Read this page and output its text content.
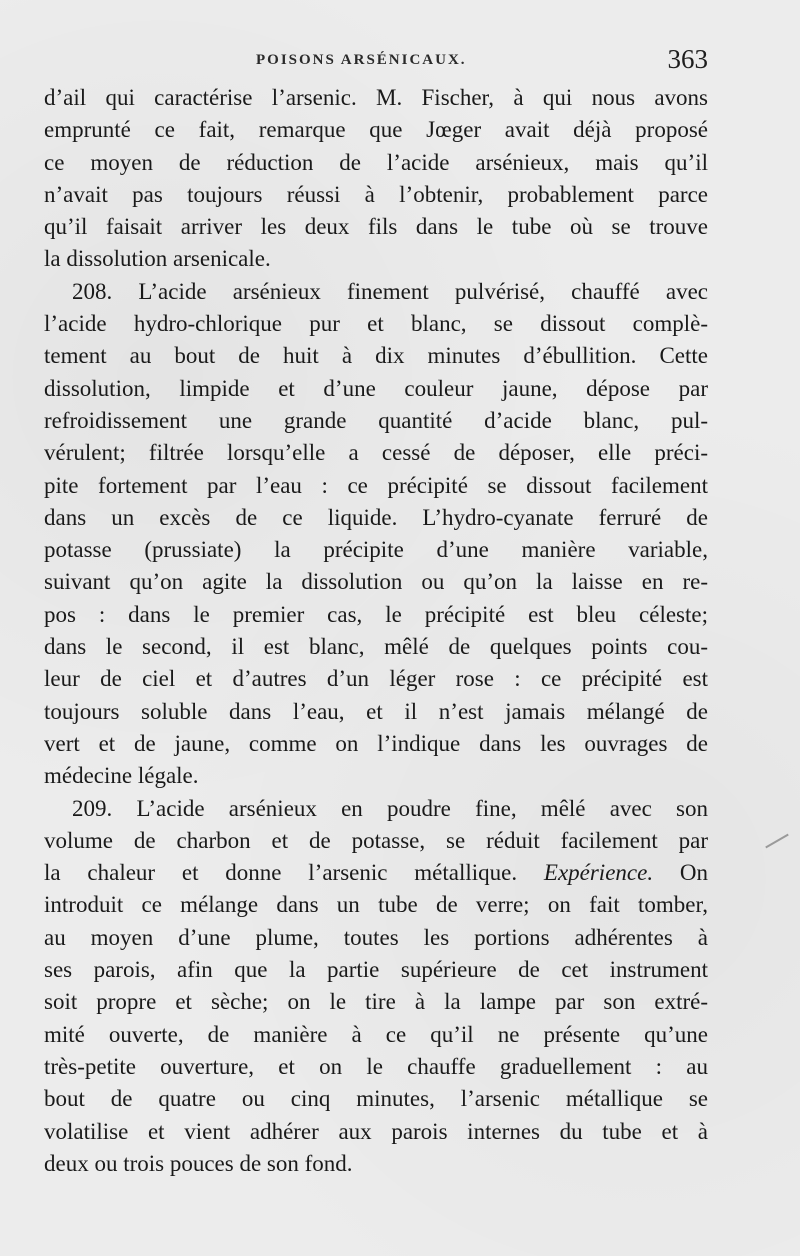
POISONS ARSÉNICAUX.	363
d’ail qui caractérise l’arsenic. M. Fischer, à qui nous avons
emprunté ce fait, remarque que Jœger avait déjà proposé
ce moyen de réduction de l’acide arsénieux, mais qu’il
n’avait pas toujours réussi à l’obtenir, probablement parce
qu’il faisait arriver les deux fils dans le tube où se trouve
la dissolution arsenicale.
208. L’acide arsénieux finement pulvérisé, chauffé avec
l’acide hydro-chlorique pur et blanc, se dissout complè-
tement au bout de huit à dix minutes d’ébullition. Cette
dissolution, limpide et d’une couleur jaune, dépose par
refroidissement une grande quantité d’acide blanc, pul-
vérulent; filtrée lorsqu’elle a cessé de déposer, elle préci-
pite fortement par l’eau : ce précipité se dissout facilement
dans un excès de ce liquide. L’hydro-cyanate ferruré de
potasse (prussiate) la précipite d’une manière variable,
suivant qu’on agite la dissolution ou qu’on la laisse en re-
pos : dans le premier cas, le précipité est bleu céleste;
dans le second, il est blanc, mêlé de quelques points cou-
leur de ciel et d’autres d’un léger rose : ce précipité est
toujours soluble dans l’eau, et il n’est jamais mélangé de
vert et de jaune, comme on l’indique dans les ouvrages de
médecine légale.
209. L’acide arsénieux en poudre fine, mêlé avec son
volume de charbon et de potasse, se réduit facilement par
la chaleur et donne l’arsenic métallique. Expérience. On
introduit ce mélange dans un tube de verre; on fait tomber,
au moyen d’une plume, toutes les portions adhérentes à
ses parois, afin que la partie supérieure de cet instrument
soit propre et sèche; on le tire à la lampe par son extré-
mité ouverte, de manière à ce qu’il ne présente qu’une
très-petite ouverture, et on le chauffe graduellement : au
bout de quatre ou cinq minutes, l’arsenic métallique se
volatilise et vient adhérer aux parois internes du tube et à
deux ou trois pouces de son fond.
